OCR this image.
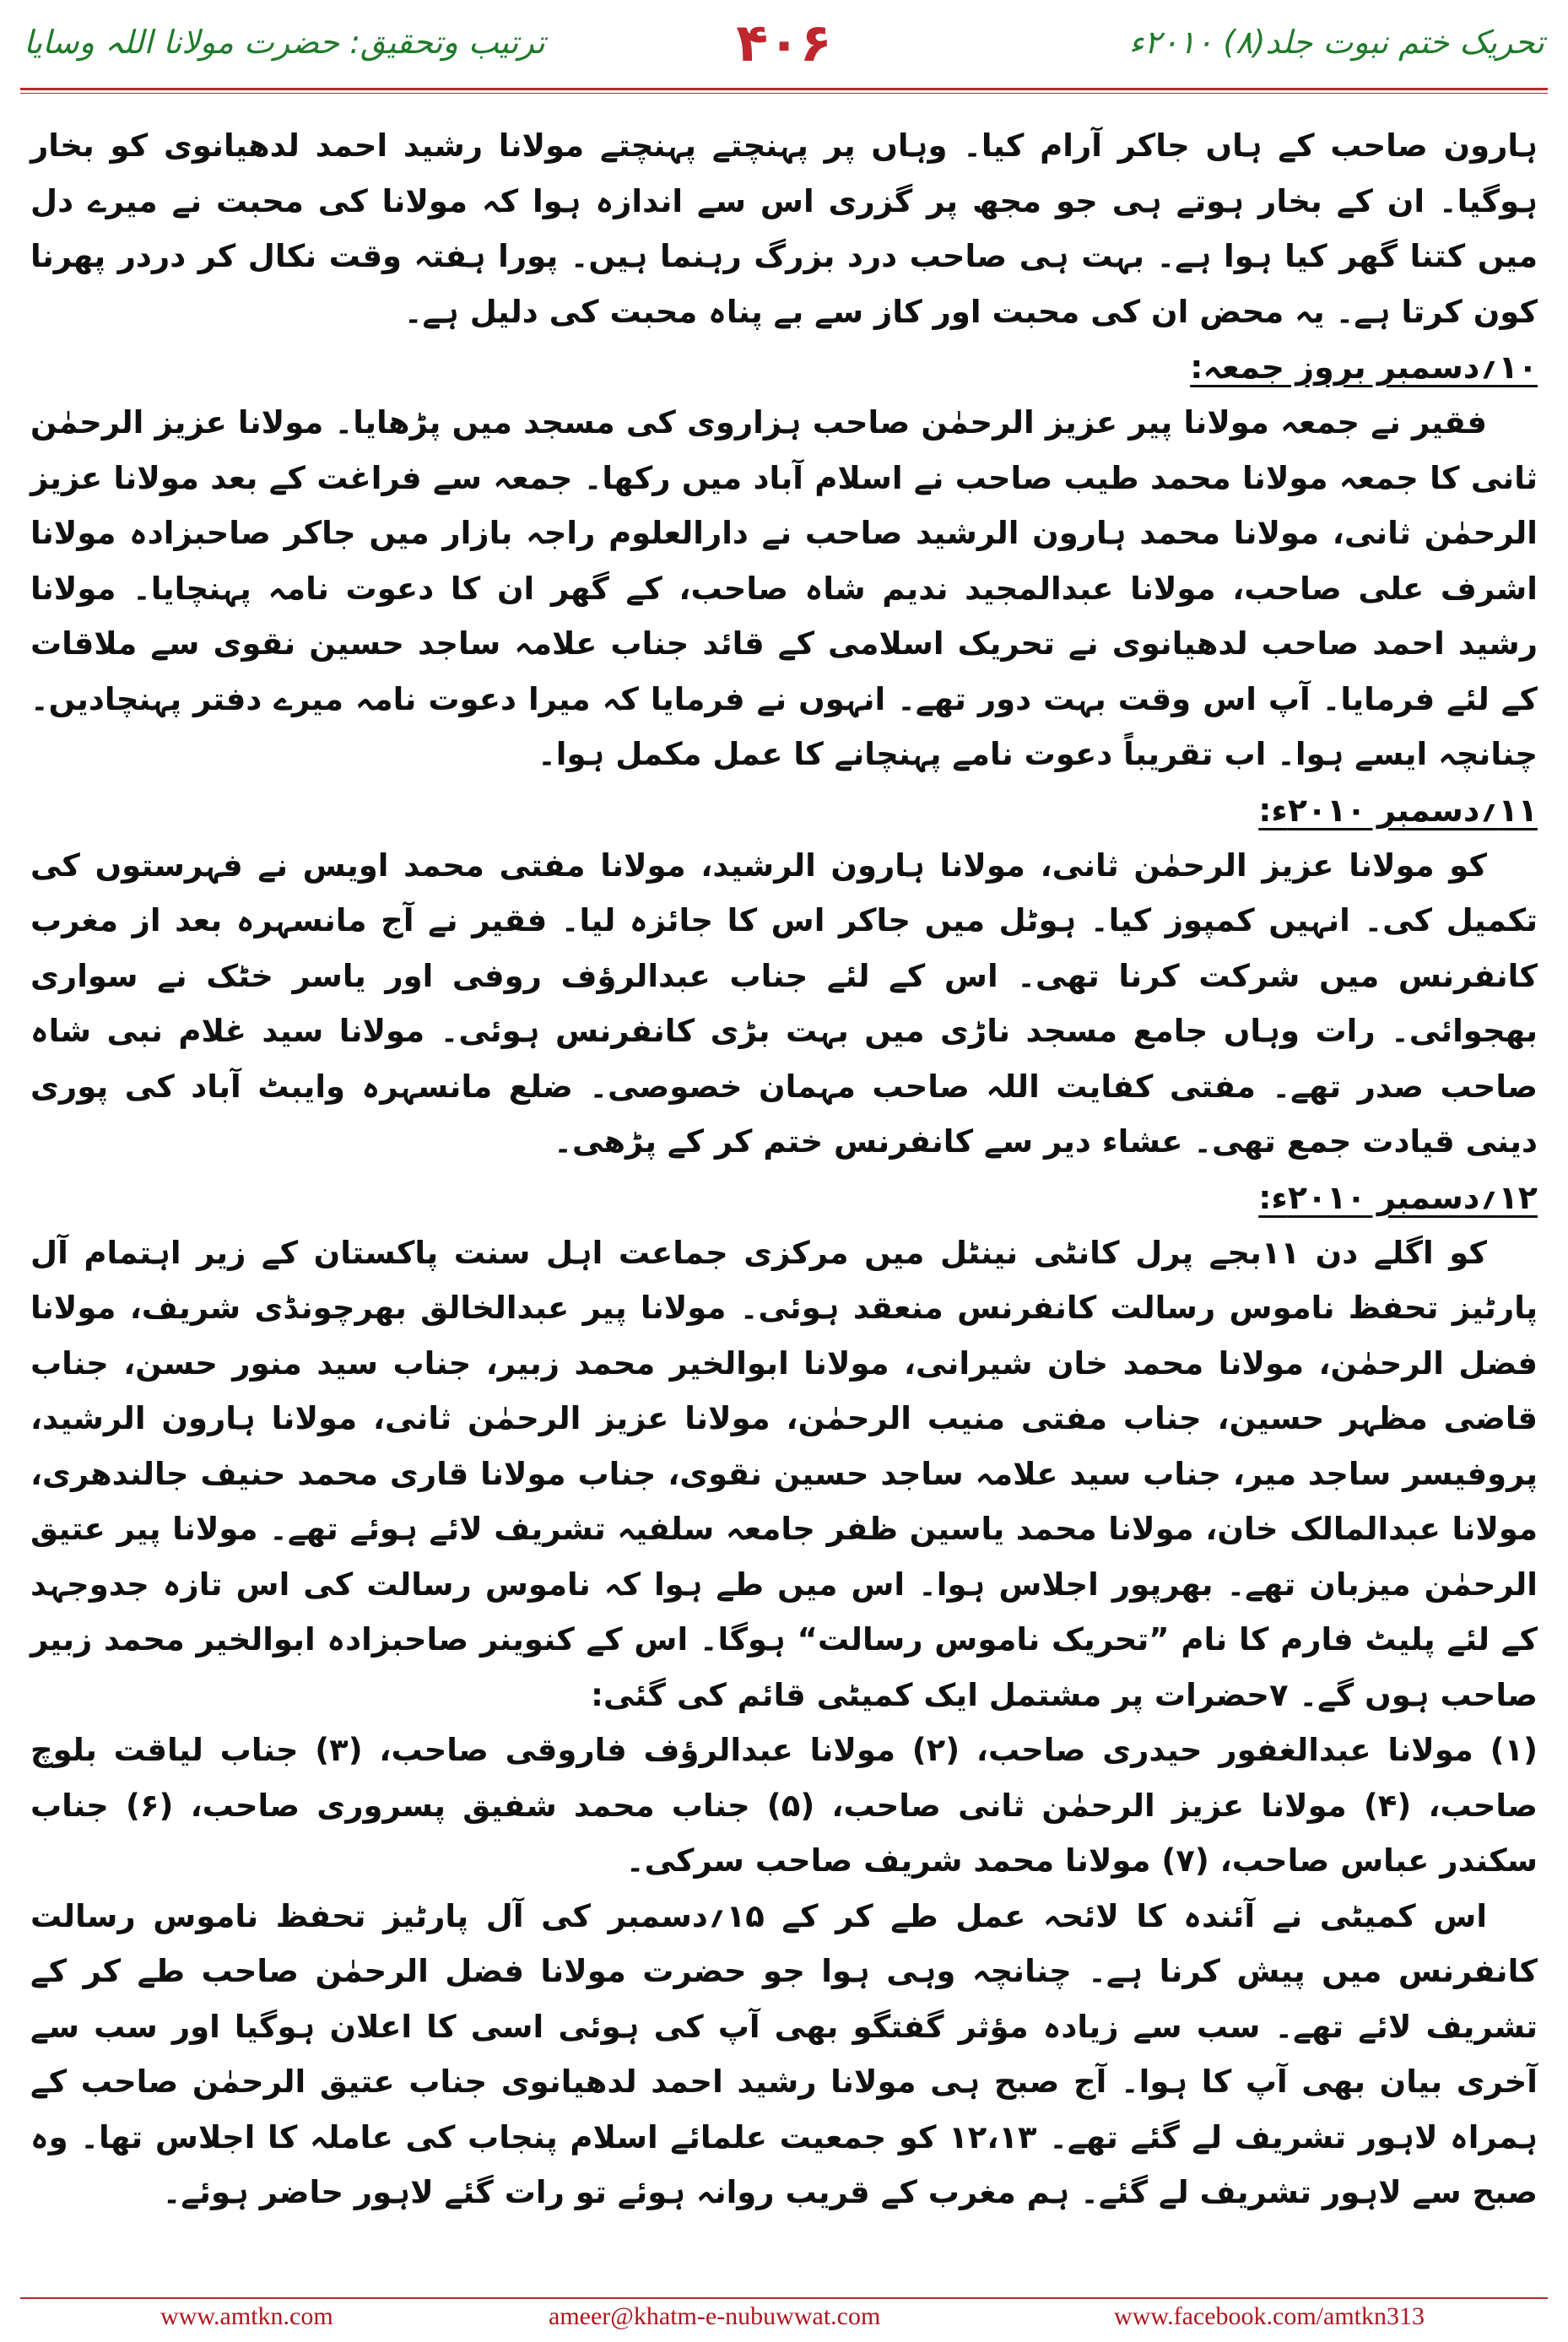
ترتیب وتحقیق: حضرت مولانا اللہ وسایا	۴۰۶	تحریک ختم نبوت جلد(۸) ۲۰۱۰ء

ہارون صاحب کے ہاں جاکر آرام کیا۔ وہاں پر پہنچتے پہنچتے مولانا رشید احمد لدھیانوی کو بخار ہوگیا۔ ان کے بخار ہوتے ہی جو مجھ پر گزری اس سے اندازہ ہوا کہ مولانا کی محبت نے میرے دل میں کتنا گھر کیا ہوا ہے۔ بہت ہی صاحب درد بزرگ رہنما ہیں۔ پورا ہفتہ وقت نکال کر دردر پھرنا کون کرتا ہے۔ یہ محض ان کی محبت اور کاز سے بے پناہ محبت کی دلیل ہے۔

۱۰؍دسمبر بروز جمعہ:

فقیر نے جمعہ مولانا پیر عزیز الرحمٰن صاحب ہزاروی کی مسجد میں پڑھایا۔ مولانا عزیز الرحمٰن ثانی کا جمعہ مولانا محمد طیب صاحب نے اسلام آباد میں رکھا۔ جمعہ سے فراغت کے بعد مولانا عزیز الرحمٰن ثانی، مولانا محمد ہارون الرشید صاحب نے دارالعلوم راجہ بازار میں جاکر صاحبزادہ مولانا اشرف علی صاحب، مولانا عبدالمجید ندیم شاہ صاحب، کے گھر ان کا دعوت نامہ پہنچایا۔ مولانا رشید احمد صاحب لدھیانوی نے تحریک اسلامی کے قائد جناب علامہ ساجد حسین نقوی سے ملاقات کے لئے فرمایا۔ آپ اس وقت بہت دور تھے۔ انہوں نے فرمایا کہ میرا دعوت نامہ میرے دفتر پہنچادیں۔ چنانچہ ایسے ہوا۔ اب تقریباً دعوت نامے پہنچانے کا عمل مکمل ہوا۔

۱۱؍دسمبر ۲۰۱۰ء:

کو مولانا عزیز الرحمٰن ثانی، مولانا ہارون الرشید، مولانا مفتی محمد اویس نے فہرستوں کی تکمیل کی۔ انہیں کمپوز کیا۔ ہوٹل میں جاکر اس کا جائزہ لیا۔ فقیر نے آج مانسہرہ بعد از مغرب کانفرنس میں شرکت کرنا تھی۔ اس کے لئے جناب عبدالرؤف روفی اور یاسر خٹک نے سواری بھجوائی۔ رات وہاں جامع مسجد ناڑی میں بہت بڑی کانفرنس ہوئی۔ مولانا سید غلام نبی شاہ صاحب صدر تھے۔ مفتی کفایت اللہ صاحب مہمان خصوصی۔ ضلع مانسہرہ وایبٹ آباد کی پوری دینی قیادت جمع تھی۔ عشاء دیر سے کانفرنس ختم کر کے پڑھی۔

۱۲؍دسمبر ۲۰۱۰ء:

کو اگلے دن ۱۱بجے پرل کانٹی نینٹل میں مرکزی جماعت اہل سنت پاکستان کے زیر اہتمام آل پارٹیز تحفظ ناموس رسالت کانفرنس منعقد ہوئی۔ مولانا پیر عبدالخالق بھرچونڈی شریف، مولانا فضل الرحمٰن، مولانا محمد خان شیرانی، مولانا ابوالخیر محمد زبیر، جناب سید منور حسن، جناب قاضی مظہر حسین، جناب مفتی منیب الرحمٰن، مولانا عزیز الرحمٰن ثانی، مولانا ہارون الرشید، پروفیسر ساجد میر، جناب سید علامہ ساجد حسین نقوی، جناب مولانا قاری محمد حنیف جالندھری، مولانا عبدالمالک خان، مولانا محمد یاسین ظفر جامعہ سلفیہ تشریف لائے ہوئے تھے۔ مولانا پیر عتیق الرحمٰن میزبان تھے۔ بھرپور اجلاس ہوا۔ اس میں طے ہوا کہ ناموس رسالت کی اس تازہ جدوجہد کے لئے پلیٹ فارم کا نام ”تحریک ناموس رسالت“ ہوگا۔ اس کے کنوینر صاحبزادہ ابوالخیر محمد زبیر صاحب ہوں گے۔ ۷حضرات پر مشتمل ایک کمیٹی قائم کی گئی:

(۱) مولانا عبدالغفور حیدری صاحب، (۲) مولانا عبدالرؤف فاروقی صاحب، (۳) جناب لیاقت بلوچ صاحب، (۴) مولانا عزیز الرحمٰن ثانی صاحب، (۵) جناب محمد شفیق پسروری صاحب، (۶) جناب سکندر عباس صاحب، (۷) مولانا محمد شریف صاحب سرکی۔

اس کمیٹی نے آئندہ کا لائحہ عمل طے کر کے ۱۵؍دسمبر کی آل پارٹیز تحفظ ناموس رسالت کانفرنس میں پیش کرنا ہے۔ چنانچہ وہی ہوا جو حضرت مولانا فضل الرحمٰن صاحب طے کر کے تشریف لائے تھے۔ سب سے زیادہ مؤثر گفتگو بھی آپ کی ہوئی اسی کا اعلان ہوگیا اور سب سے آخری بیان بھی آپ کا ہوا۔ آج صبح ہی مولانا رشید احمد لدھیانوی جناب عتیق الرحمٰن صاحب کے ہمراہ لاہور تشریف لے گئے تھے۔ ۱۲،۱۳ کو جمعیت علمائے اسلام پنجاب کی عاملہ کا اجلاس تھا۔ وہ صبح سے لاہور تشریف لے گئے۔ ہم مغرب کے قریب روانہ ہوئے تو رات گئے لاہور حاضر ہوئے۔

www.amtkn.com	ameer@khatm-e-nubuwwat.com	www.facebook.com/amtkn313
